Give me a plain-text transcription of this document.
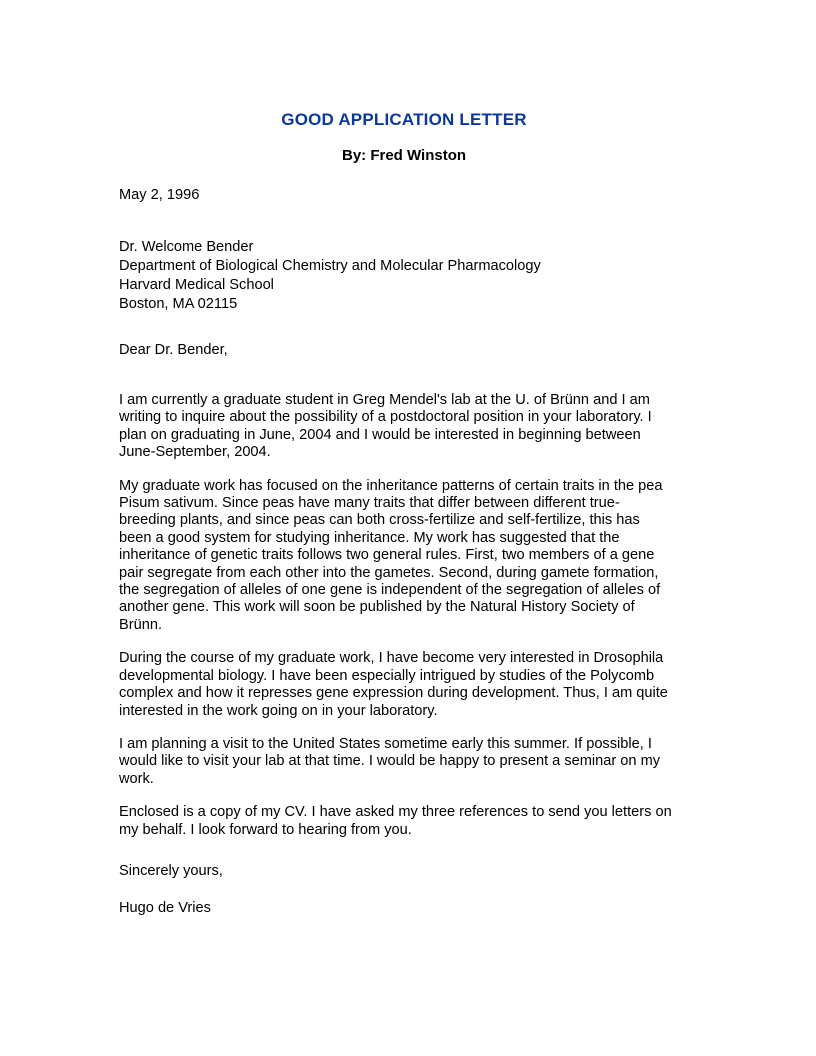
GOOD APPLICATION LETTER
By: Fred Winston
May 2, 1996
Dr. Welcome Bender
Department of Biological Chemistry and Molecular Pharmacology
Harvard Medical School
Boston, MA 02115
Dear Dr. Bender,

I am currently a graduate student in Greg Mendel's lab at the U. of Brünn and I am writing to inquire about the possibility of a postdoctoral position in your laboratory. I plan on graduating in June, 2004 and I would be interested in beginning between June-September, 2004.

My graduate work has focused on the inheritance patterns of certain traits in the pea Pisum sativum. Since peas have many traits that differ between different true-breeding plants, and since peas can both cross-fertilize and self-fertilize, this has been a good system for studying inheritance. My work has suggested that the inheritance of genetic traits follows two general rules. First, two members of a gene pair segregate from each other into the gametes. Second, during gamete formation, the segregation of alleles of one gene is independent of the segregation of alleles of another gene. This work will soon be published by the Natural History Society of Brünn.

During the course of my graduate work, I have become very interested in Drosophila developmental biology. I have been especially intrigued by studies of the Polycomb complex and how it represses gene expression during development. Thus, I am quite interested in the work going on in your laboratory.

I am planning a visit to the United States sometime early this summer. If possible, I would like to visit your lab at that time. I would be happy to present a seminar on my work.

Enclosed is a copy of my CV. I have asked my three references to send you letters on my behalf. I look forward to hearing from you.

Sincerely yours,
Hugo de Vries
